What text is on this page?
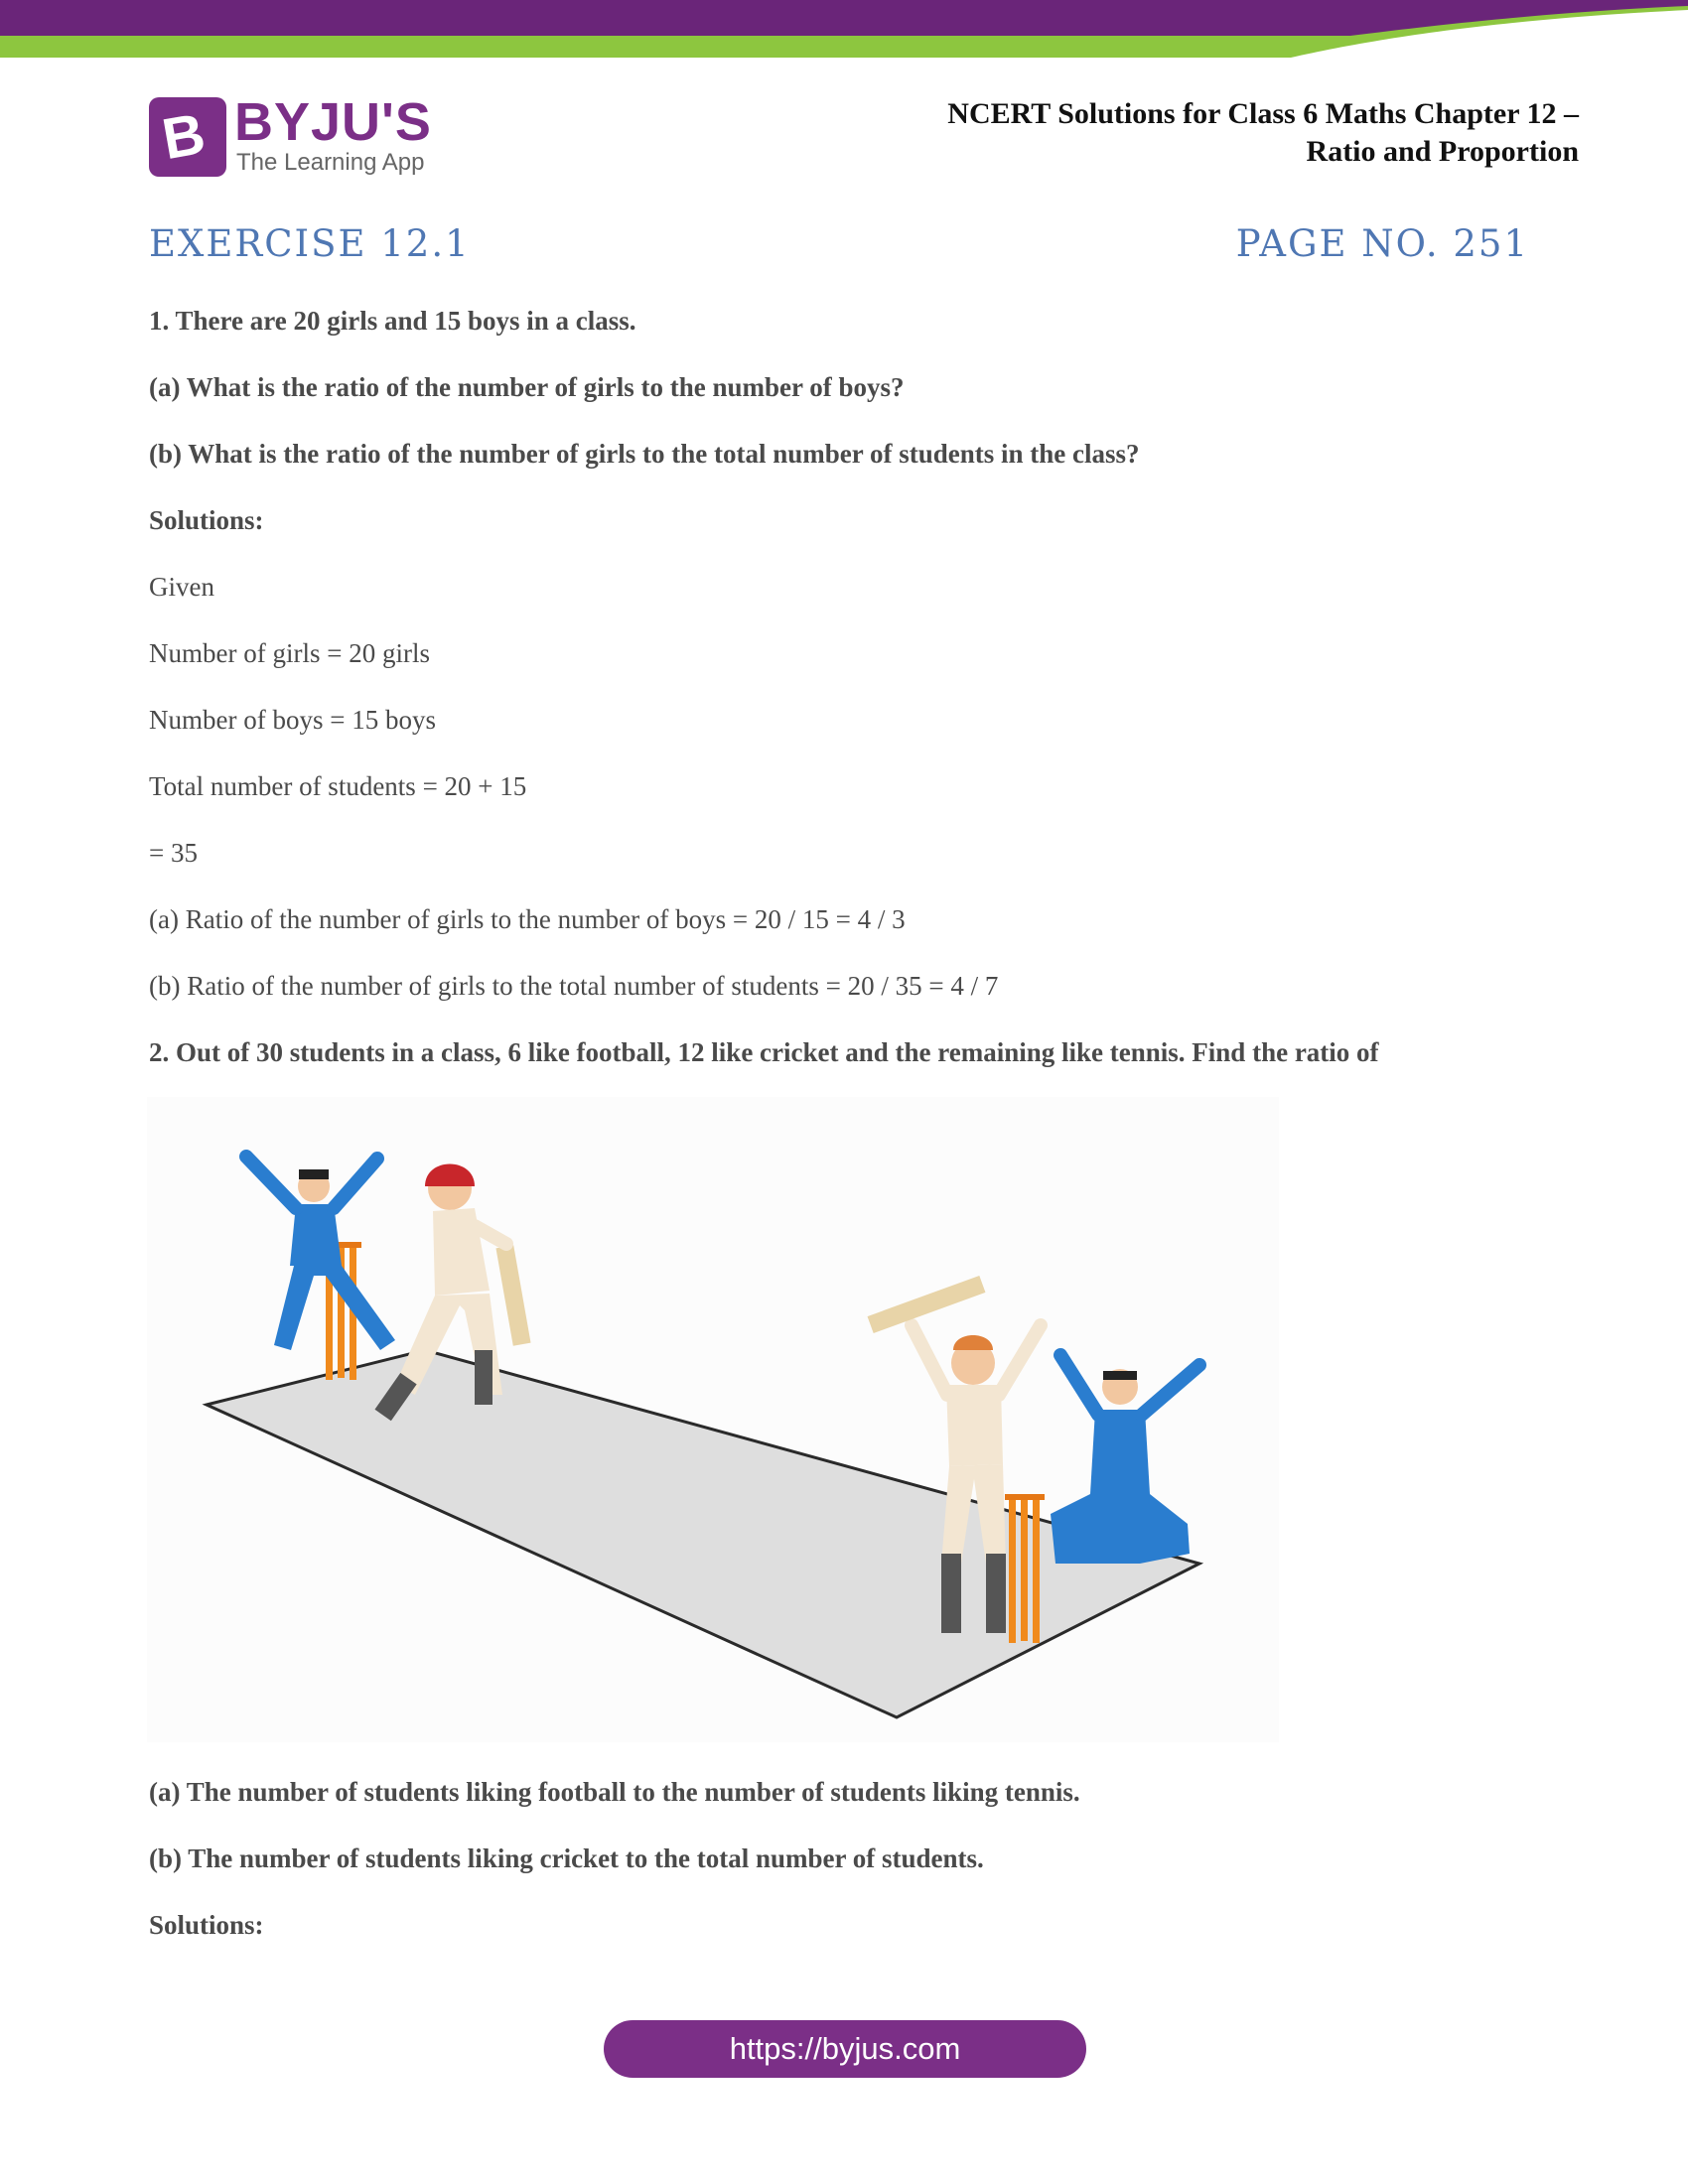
B BYJU'S
The Learning App
NCERT Solutions for Class 6 Maths Chapter 12 –
Ratio and Proportion
EXERCISE 12.1	PAGE NO. 251
1. There are 20 girls and 15 boys in a class.
(a) What is the ratio of the number of girls to the number of boys?
(b) What is the ratio of the number of girls to the total number of students in the class?
Solutions:
Given
Number of girls = 20 girls
Number of boys = 15 boys
Total number of students = 20 + 15
= 35
(a) Ratio of the number of girls to the number of boys = 20 / 15 = 4 / 3
(b) Ratio of the number of girls to the total number of students = 20 / 35 = 4 / 7
2. Out of 30 students in a class, 6 like football, 12 like cricket and the remaining like tennis. Find the ratio of
(a) The number of students liking football to the number of students liking tennis.
(b) The number of students liking cricket to the total number of students.
Solutions:
https://byjus.com
